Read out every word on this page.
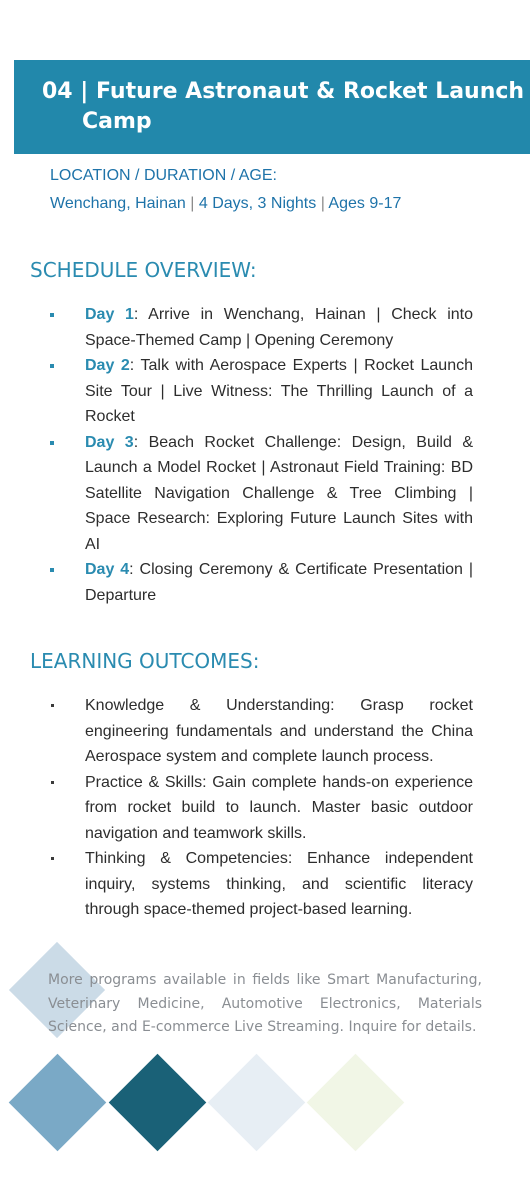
04 | Future Astronaut & Rocket Launch Camp
LOCATION / DURATION / AGE:
Wenchang, Hainan | 4 Days, 3 Nights | Ages 9-17
SCHEDULE OVERVIEW:
Day 1: Arrive in Wenchang, Hainan | Check into Space-Themed Camp | Opening Ceremony
Day 2: Talk with Aerospace Experts | Rocket Launch Site Tour | Live Witness: The Thrilling Launch of a Rocket
Day 3: Beach Rocket Challenge: Design, Build & Launch a Model Rocket | Astronaut Field Training: BD Satellite Navigation Challenge & Tree Climbing | Space Research: Exploring Future Launch Sites with AI
Day 4: Closing Ceremony & Certificate Presentation | Departure
LEARNING OUTCOMES:
Knowledge & Understanding: Grasp rocket engineering fundamentals and understand the China Aerospace system and complete launch process.
Practice & Skills: Gain complete hands-on experience from rocket build to launch. Master basic outdoor navigation and teamwork skills.
Thinking & Competencies: Enhance independent inquiry, systems thinking, and scientific literacy through space-themed project-based learning.

More programs available in fields like Smart Manufacturing, Veterinary Medicine, Automotive Electronics, Materials Science, and E-commerce Live Streaming. Inquire for details.
